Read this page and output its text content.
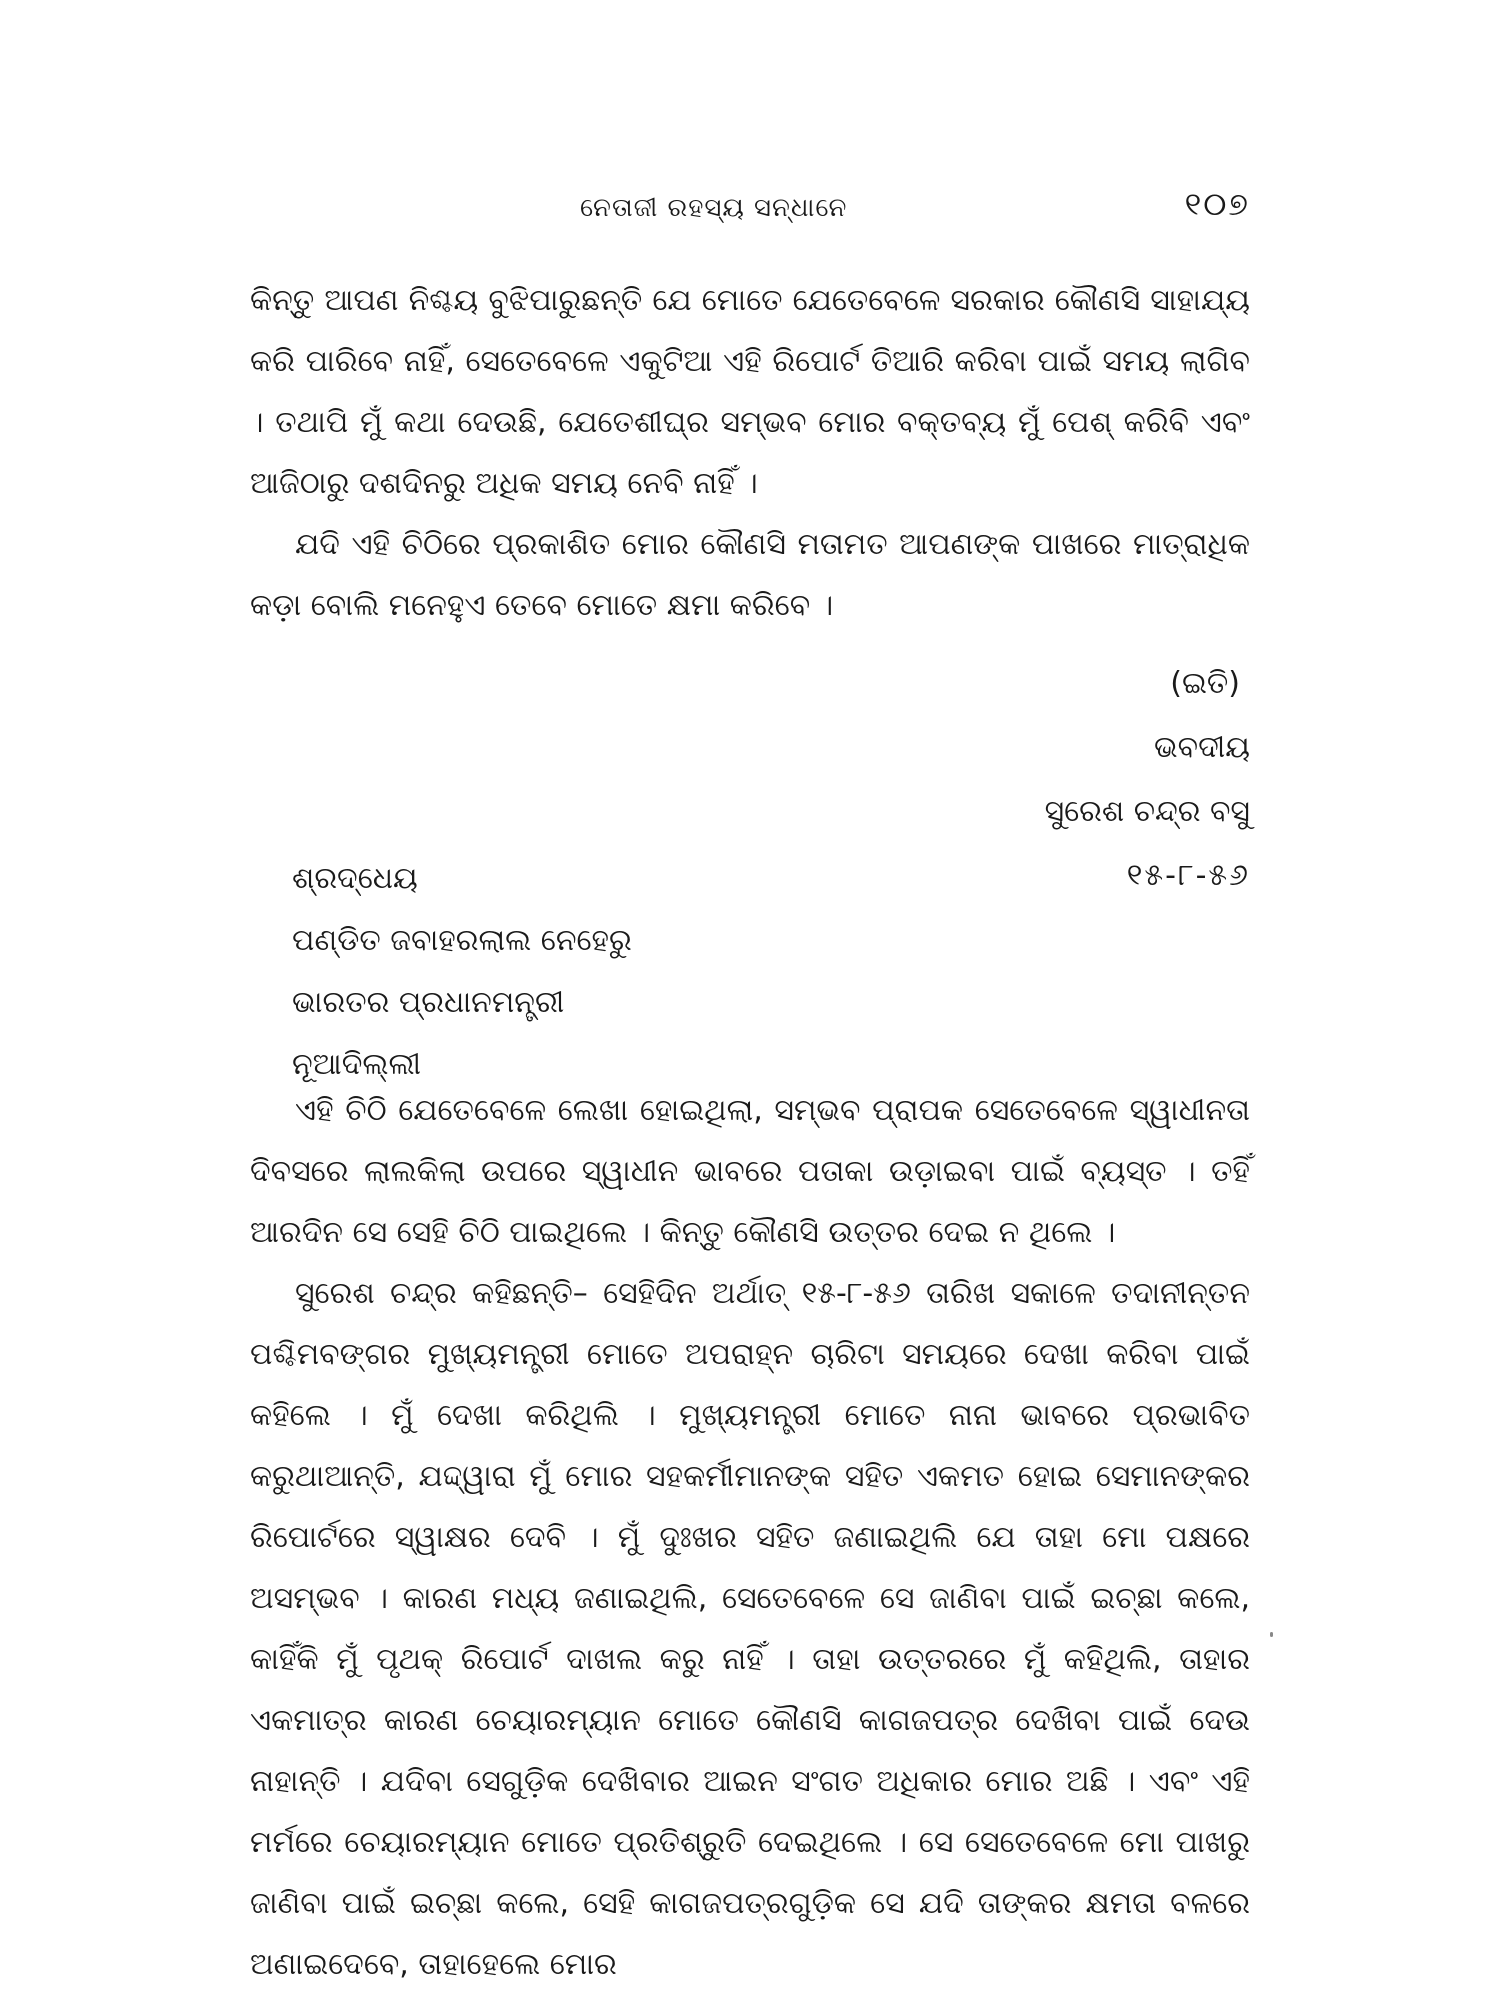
ନେତାଜୀ ରହସ୍ୟ ସନ୍ଧାନେ	୧୦୭

କିନ୍ତୁ ଆପଣ ନିଶ୍ଚୟ ବୁଝିପାରୁଛନ୍ତି ଯେ ମୋତେ ଯେତେବେଳେ ସରକାର କୌଣସି ସାହାଯ୍ୟ କରି ପାରିବେ ନାହିଁ, ସେତେବେଳେ ଏକୁଟିଆ ଏହି ରିପୋର୍ଟ ତିଆରି କରିବା ପାଇଁ ସମୟ ଲାଗିବ । ତଥାପି ମୁଁ କଥା ଦେଉଛି, ଯେତେଶୀଘ୍ର ସମ୍ଭବ ମୋର ବକ୍ତବ୍ୟ ମୁଁ ପେଶ୍ କରିବି ଏବଂ ଆଜିଠାରୁ ଦଶଦିନରୁ ଅଧିକ ସମୟ ନେବି ନାହିଁ ।

ଯଦି ଏହି ଚିଠିରେ ପ୍ରକାଶିତ ମୋର କୌଣସି ମତାମତ ଆପଣଙ୍କ ପାଖରେ ମାତ୍ରାଧିକ କଡ଼ା ବୋଲି ମନେହୁଏ ତେବେ ମୋତେ କ୍ଷମା କରିବେ ।

(ଇତି)
ଭବଦୀୟ
ସୁରେଶ ଚନ୍ଦ୍ର ବସୁ
୧୫-୮-୫୬
ଶ୍ରଦ୍ଧେୟ
ପଣ୍ଡିତ ଜବାହରଲାଲ ନେହେରୁ
ଭାରତର ପ୍ରଧାନମନ୍ତ୍ରୀ
ନୂଆଦିଲ୍ଲୀ

ଏହି ଚିଠି ଯେତେବେଳେ ଲେଖା ହୋଇଥିଲା, ସମ୍ଭବ ପ୍ରାପକ ସେତେବେଳେ ସ୍ୱାଧୀନତା ଦିବସରେ ଲାଲକିଲା ଉପରେ ସ୍ୱାଧୀନ ଭାବରେ ପତାକା ଉଡ଼ାଇବା ପାଇଁ ବ୍ୟସ୍ତ । ତହିଁ ଆରଦିନ ସେ ସେହି ଚିଠି ପାଇଥିଲେ । କିନ୍ତୁ କୌଣସି ଉତ୍ତର ଦେଇ ନ ଥିଲେ ।

ସୁରେଶ ଚନ୍ଦ୍ର କହିଛନ୍ତି– ସେହିଦିନ ଅର୍ଥାତ୍ ୧୫-୮-୫୬ ତାରିଖ ସକାଳେ ତଦାନୀନ୍ତନ ପଶ୍ଚିମବଙ୍ଗର ମୁଖ୍ୟମନ୍ତ୍ରୀ ମୋତେ ଅପରାହ୍ନ ଚାରିଟା ସମୟରେ ଦେଖା କରିବା ପାଇଁ କହିଲେ । ମୁଁ ଦେଖା କରିଥିଲି । ମୁଖ୍ୟମନ୍ତ୍ରୀ ମୋତେ ନାନା ଭାବରେ ପ୍ରଭାବିତ କରୁଥାଆନ୍ତି, ଯଦ୍ଦ୍ୱାରା ମୁଁ ମୋର ସହକର୍ମୀମାନଙ୍କ ସହିତ ଏକମତ ହୋଇ ସେମାନଙ୍କର ରିପୋର୍ଟରେ ସ୍ୱାକ୍ଷର ଦେବି । ମୁଁ ଦୁଃଖର ସହିତ ଜଣାଇଥିଲି ଯେ ତାହା ମୋ ପକ୍ଷରେ ଅସମ୍ଭବ । କାରଣ ମଧ୍ୟ ଜଣାଇଥିଲି, ସେତେବେଳେ ସେ ଜାଣିବା ପାଇଁ ଇଚ୍ଛା କଲେ, କାହିଁକି ମୁଁ ପୃଥକ୍ ରିପୋର୍ଟ ଦାଖଲ କରୁ ନାହିଁ । ତାହା ଉତ୍ତରରେ ମୁଁ କହିଥିଲି, ତାହାର ଏକମାତ୍ର କାରଣ ଚେୟାରମ୍ୟାନ ମୋତେ କୌଣସି କାଗଜପତ୍ର ଦେଖିବା ପାଇଁ ଦେଉ ନାହାନ୍ତି । ଯଦିବା ସେଗୁଡ଼ିକ ଦେଖିବାର ଆଇନ ସଂଗତ ଅଧିକାର ମୋର ଅଛି । ଏବଂ ଏହି ମର୍ମରେ ଚେୟାରମ୍ୟାନ ମୋତେ ପ୍ରତିଶ୍ରୁତି ଦେଇଥିଲେ । ସେ ସେତେବେଳେ ମୋ ପାଖରୁ ଜାଣିବା ପାଇଁ ଇଚ୍ଛା କଲେ, ସେହି କାଗଜପତ୍ରଗୁଡ଼ିକ ସେ ଯଦି ତାଙ୍କର କ୍ଷମତା ବଳରେ ଅଣାଇଦେବେ, ତାହାହେଲେ ମୋର
